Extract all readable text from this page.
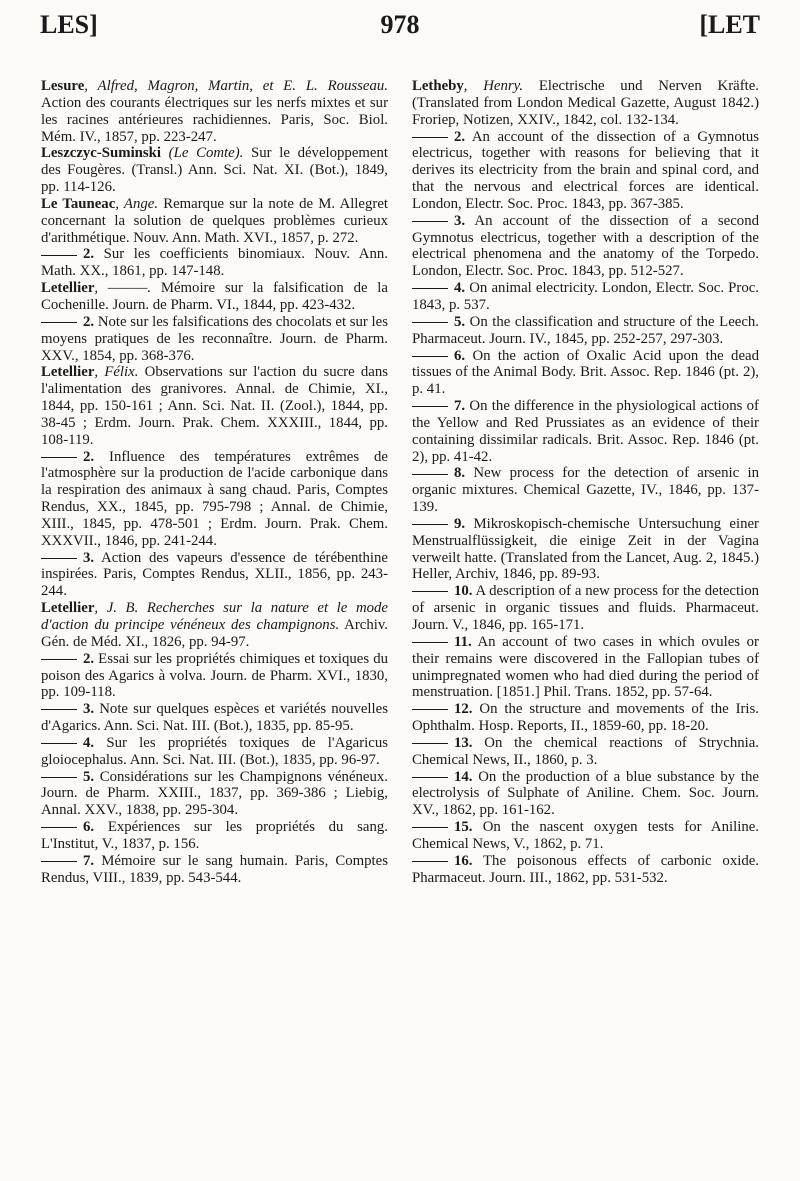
LES]	978	[LET

Lesure, Alfred, Magron, Martin, et E. L. Rousseau. Action des courants électriques sur les nerfs mixtes et sur les racines antérieures rachidiennes. Paris, Soc. Biol. Mém. IV., 1857, pp. 223-247.

Leszczyc-Suminski (Le Comte). Sur le développement des Fougères. (Transl.) Ann. Sci. Nat. XI. (Bot.), 1849, pp. 114-126.

Le Tauneac, Ange. Remarque sur la note de M. Allegret concernant la solution de quelques problèmes curieux d'arithmétique. Nouv. Ann. Math. XVI., 1857, p. 272.

2. Sur les coefficients binomiaux. Nouv. Ann. Math. XX., 1861, pp. 147-148.

Letellier, ———. Mémoire sur la falsification de la Cochenille. Journ. de Pharm. VI., 1844, pp. 423-432.

2. Note sur les falsifications des chocolats et sur les moyens pratiques de les reconnaître. Journ. de Pharm. XXV., 1854, pp. 368-376.

Letellier, Félix. Observations sur l'action du sucre dans l'alimentation des granivores. Annal. de Chimie, XI., 1844, pp. 150-161 ; Ann. Sci. Nat. II. (Zool.), 1844, pp. 38-45 ; Erdm. Journ. Prak. Chem. XXXIII., 1844, pp. 108-119.

2. Influence des températures extrêmes de l'atmosphère sur la production de l'acide carbonique dans la respiration des animaux à sang chaud. Paris, Comptes Rendus, XX., 1845, pp. 795-798 ; Annal. de Chimie, XIII., 1845, pp. 478-501 ; Erdm. Journ. Prak. Chem. XXXVII., 1846, pp. 241-244.

3. Action des vapeurs d'essence de térébenthine inspirées. Paris, Comptes Rendus, XLII., 1856, pp. 243-244.

Letellier, J. B. Recherches sur la nature et le mode d'action du principe vénéneux des champignons. Archiv. Gén. de Méd. XI., 1826, pp. 94-97.

2. Essai sur les propriétés chimiques et toxiques du poison des Agarics à volva. Journ. de Pharm. XVI., 1830, pp. 109-118.

3. Note sur quelques espèces et variétés nouvelles d'Agarics. Ann. Sci. Nat. III. (Bot.), 1835, pp. 85-95.

4. Sur les propriétés toxiques de l'Agaricus gloiocephalus. Ann. Sci. Nat. III. (Bot.), 1835, pp. 96-97.

5. Considérations sur les Champignons vénéneux. Journ. de Pharm. XXIII., 1837, pp. 369-386 ; Liebig, Annal. XXV., 1838, pp. 295-304.

6. Expériences sur les propriétés du sang. L'Institut, V., 1837, p. 156.

7. Mémoire sur le sang humain. Paris, Comptes Rendus, VIII., 1839, pp. 543-544.

Letheby, Henry. Electrische und Nerven Kräfte. (Translated from London Medical Gazette, August 1842.) Froriep, Notizen, XXIV., 1842, col. 132-134.

2. An account of the dissection of a Gymnotus electricus, together with reasons for believing that it derives its electricity from the brain and spinal cord, and that the nervous and electrical forces are identical. London, Electr. Soc. Proc. 1843, pp. 367-385.

3. An account of the dissection of a second Gymnotus electricus, together with a description of the electrical phenomena and the anatomy of the Torpedo. London, Electr. Soc. Proc. 1843, pp. 512-527.

4. On animal electricity. London, Electr. Soc. Proc. 1843, p. 537.

5. On the classification and structure of the Leech. Pharmaceut. Journ. IV., 1845, pp. 252-257, 297-303.

6. On the action of Oxalic Acid upon the dead tissues of the Animal Body. Brit. Assoc. Rep. 1846 (pt. 2), p. 41.

7. On the difference in the physiological actions of the Yellow and Red Prussiates as an evidence of their containing dissimilar radicals. Brit. Assoc. Rep. 1846 (pt. 2), pp. 41-42.

8. New process for the detection of arsenic in organic mixtures. Chemical Gazette, IV., 1846, pp. 137-139.

9. Mikroskopisch-chemische Untersuchung einer Menstrualflüssigkeit, die einige Zeit in der Vagina verweilt hatte. (Translated from the Lancet, Aug. 2, 1845.) Heller, Archiv, 1846, pp. 89-93.

10. A description of a new process for the detection of arsenic in organic tissues and fluids. Pharmaceut. Journ. V., 1846, pp. 165-171.

11. An account of two cases in which ovules or their remains were discovered in the Fallopian tubes of unimpregnated women who had died during the period of menstruation. [1851.] Phil. Trans. 1852, pp. 57-64.

12. On the structure and movements of the Iris. Ophthalm. Hosp. Reports, II., 1859-60, pp. 18-20.

13. On the chemical reactions of Strychnia. Chemical News, II., 1860, p. 3.

14. On the production of a blue substance by the electrolysis of Sulphate of Aniline. Chem. Soc. Journ. XV., 1862, pp. 161-162.

15. On the nascent oxygen tests for Aniline. Chemical News, V., 1862, p. 71.

16. The poisonous effects of carbonic oxide. Pharmaceut. Journ. III., 1862, pp. 531-532.
